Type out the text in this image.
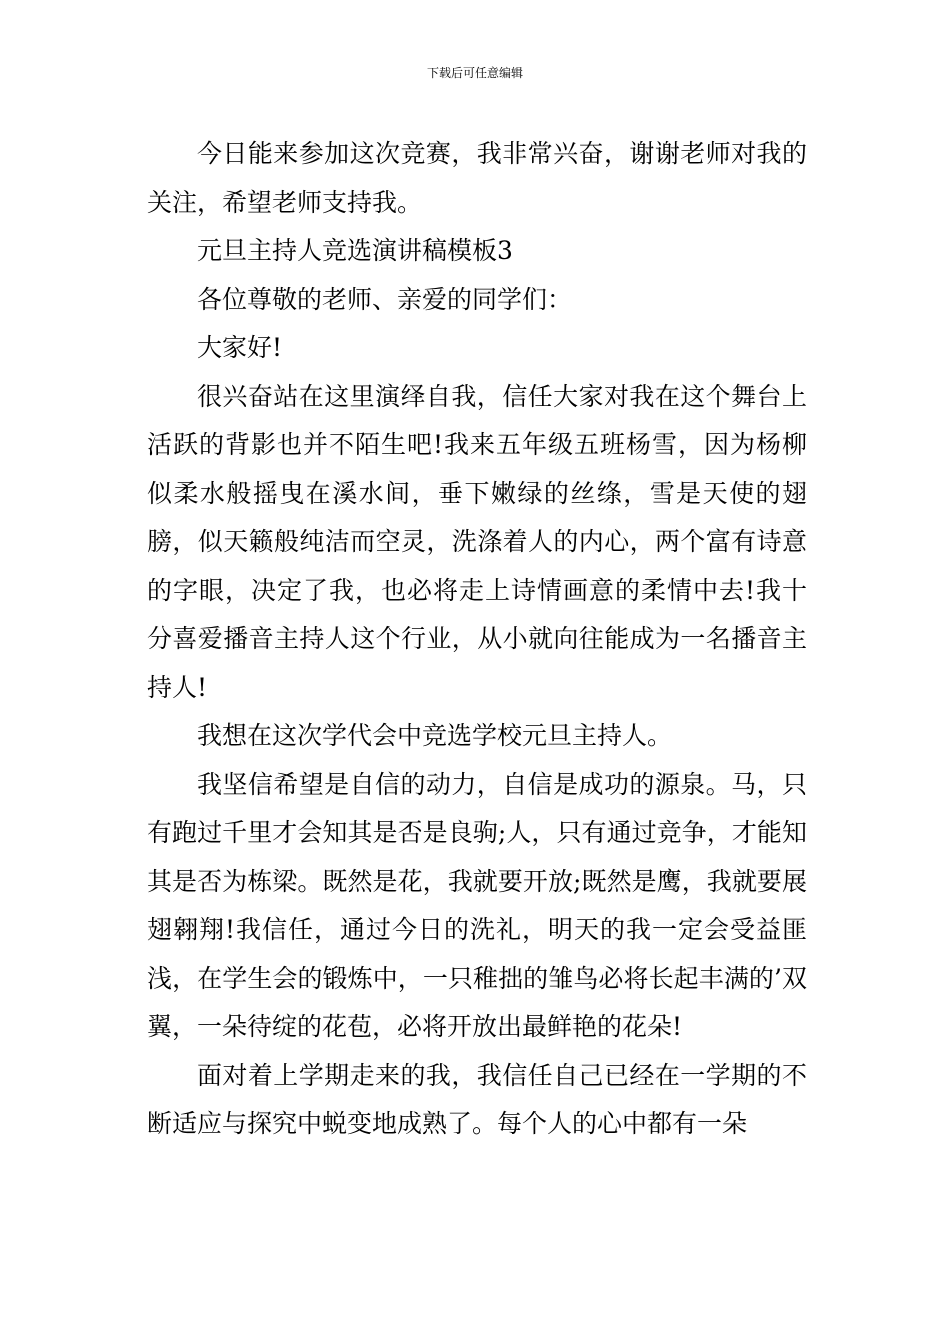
下载后可任意编辑

今日能来参加这次竞赛，我非常兴奋，谢谢老师对我的关注，希望老师支持我。

元旦主持人竞选演讲稿模板3

各位尊敬的老师、亲爱的同学们：

大家好!

很兴奋站在这里演绎自我，信任大家对我在这个舞台上活跃的背影也并不陌生吧!我来五年级五班杨雪，因为杨柳似柔水般摇曳在溪水间，垂下嫩绿的丝绦，雪是天使的翅膀，似天籁般纯洁而空灵，洗涤着人的内心，两个富有诗意的字眼，决定了我，也必将走上诗情画意的柔情中去!我十分喜爱播音主持人这个行业，从小就向往能成为一名播音主持人!

我想在这次学代会中竞选学校元旦主持人。

我坚信希望是自信的动力，自信是成功的源泉。马，只有跑过千里才会知其是否是良驹;人，只有通过竞争，才能知其是否为栋梁。既然是花，我就要开放;既然是鹰，我就要展翅翱翔!我信任，通过今日的洗礼，明天的我一定会受益匪浅，在学生会的锻炼中，一只稚拙的雏鸟必将长起丰满的’双翼，一朵待绽的花苞，必将开放出最鲜艳的花朵!

面对着上学期走来的我，我信任自己已经在一学期的不断适应与探究中蜕变地成熟了。每个人的心中都有一朵
